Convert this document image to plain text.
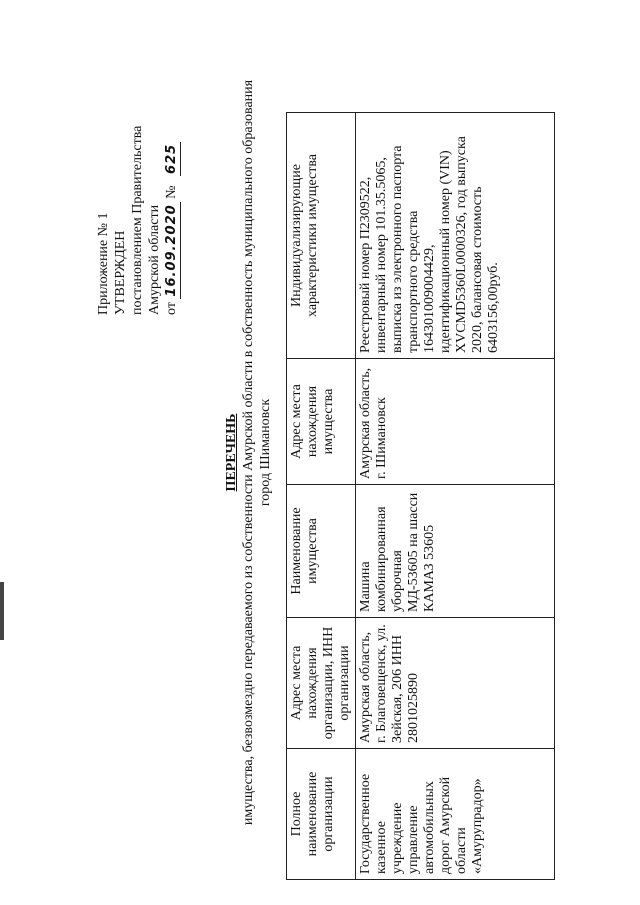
Приложение № 1 УТВЕРЖДЕН постановлением Правительства Амурской области от 16.09.2020 № 625
ПЕРЕЧЕНЬ имущества, безвозмездно передаваемого из собственности Амурской области в собственность муниципального образования город Шимановск
Полное наименование организации	Адрес места нахождения организации, ИНН организации	Наименование имущества	Адрес места нахождения имущества	Индивидуализирующие характеристики имущества
Государственное казенное учреждение управление автомобильных дорог Амурской области «Амурупрадор»	Амурская область, г. Благовещенск, ул. Зейская, 206 ИНН 2801025890	Машина комбинированная уборочная МД-53605 на шасси КАМАЗ 53605	Амурская область, г. Шимановск	Реестровый номер П2309522, инвентарный номер 101.35.5065, выписка из электронного паспорта транспортного средства 164301009004429, идентификационный номер (VIN) XVCMD5360L0000326, год выпуска 2020, балансовая стоимость 6403156,00руб.
